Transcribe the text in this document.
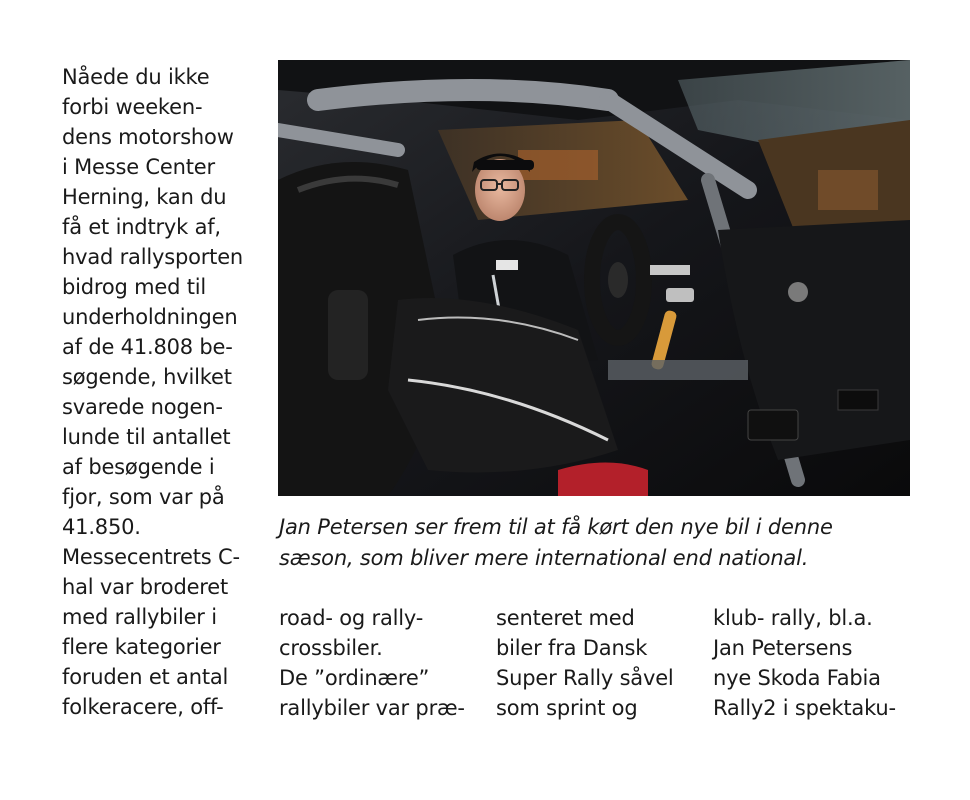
Nåede du ikke
forbi weeken-
dens motorshow
i Messe Center
Herning, kan du
få et indtryk af,
hvad rallysporten
bidrog med til
underholdningen
af de 41.808 be-
søgende, hvilket
svarede nogen-
lunde til antallet
af besøgende i
fjor, som var på
41.850.
Messecentrets C-
hal var broderet
med rallybiler i
flere kategorier
foruden et antal
folkeracere, off-
Jan Petersen ser frem til at få kørt den nye bil i denne
sæson, som bliver mere international end national.
road- og rally-
crossbiler.
De ”ordinære”
rallybiler var præ-
senteret med
biler fra Dansk
Super Rally såvel
som sprint og
klub- rally, bl.a.
Jan Petersens
nye Skoda Fabia
Rally2 i spektaku-
